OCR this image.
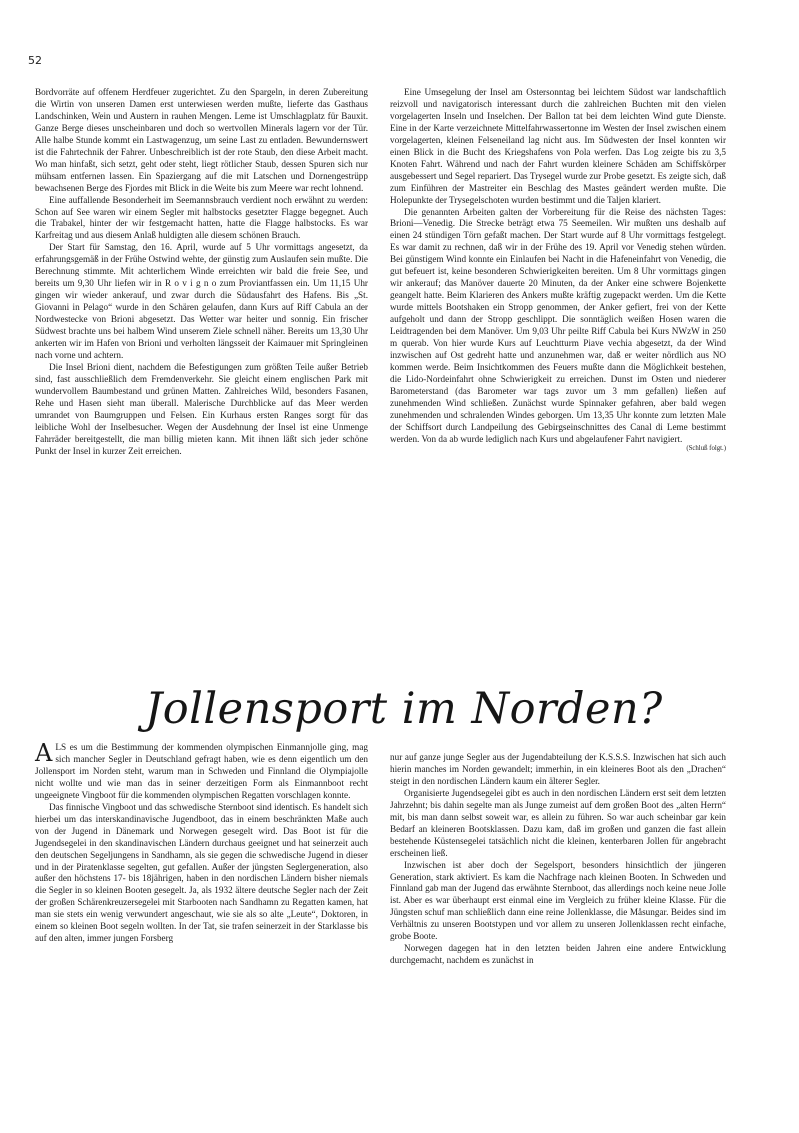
52

Bordvorräte auf offenem Herdfeuer zugerichtet. Zu den Spargeln, in deren Zubereitung die Wirtin von unseren Damen erst unterwiesen werden mußte, lieferte das Gasthaus Landschinken, Wein und Austern in rauhen Mengen. Leme ist Umschlagplatz für Bauxit. Ganze Berge dieses unscheinbaren und doch so wertvollen Minerals lagern vor der Tür. Alle halbe Stunde kommt ein Lastwagenzug, um seine Last zu entladen. Bewundernswert ist die Fahrtechnik der Fahrer. Unbeschreiblich ist der rote Staub, den diese Arbeit macht. Wo man hinfaßt, sich setzt, geht oder steht, liegt rötlicher Staub, dessen Spuren sich nur mühsam entfernen lassen. Ein Spaziergang auf die mit Latschen und Dornengestrüpp bewachsenen Berge des Fjordes mit Blick in die Weite bis zum Meere war recht lohnend.

Eine auffallende Besonderheit im Seemannsbrauch verdient noch erwähnt zu werden: Schon auf See waren wir einem Segler mit halbstocks gesetzter Flagge begegnet. Auch die Trabakel, hinter der wir festgemacht hatten, hatte die Flagge halbstocks. Es war Karfreitag und aus diesem Anlaß huldigten alle diesem schönen Brauch.

Der Start für Samstag, den 16. April, wurde auf 5 Uhr vormittags angesetzt, da erfahrungsgemäß in der Frühe Ostwind wehte, der günstig zum Auslaufen sein mußte. Die Berechnung stimmte. Mit achterlichem Winde erreichten wir bald die freie See, und bereits um 9,30 Uhr liefen wir in R o v i g n o zum Proviantfassen ein. Um 11,15 Uhr gingen wir wieder ankerauf, und zwar durch die Südausfahrt des Hafens. Bis „St. Giovanni in Pelago“ wurde in den Schären gelaufen, dann Kurs auf Riff Cabula an der Nordwestecke von Brioni abgesetzt. Das Wetter war heiter und sonnig. Ein frischer Südwest brachte uns bei halbem Wind unserem Ziele schnell näher. Bereits um 13,30 Uhr ankerten wir im Hafen von Brioni und verholten längsseit der Kaimauer mit Springleinen nach vorne und achtern.

Die Insel Brioni dient, nachdem die Befestigungen zum größten Teile außer Betrieb sind, fast ausschließlich dem Fremdenverkehr. Sie gleicht einem englischen Park mit wundervollem Baumbestand und grünen Matten. Zahlreiches Wild, besonders Fasanen, Rehe und Hasen sieht man überall. Malerische Durchblicke auf das Meer werden umrandet von Baumgruppen und Felsen. Ein Kurhaus ersten Ranges sorgt für das leibliche Wohl der Inselbesucher. Wegen der Ausdehnung der Insel ist eine Unmenge Fahrräder bereitgestellt, die man billig mieten kann. Mit ihnen läßt sich jeder schöne Punkt der Insel in kurzer Zeit erreichen.

Eine Umsegelung der Insel am Ostersonntag bei leichtem Südost war landschaftlich reizvoll und navigatorisch interessant durch die zahlreichen Buchten mit den vielen vorgelagerten Inseln und Inselchen. Der Ballon tat bei dem leichten Wind gute Dienste. Eine in der Karte verzeichnete Mittelfahrwassertonne im Westen der Insel zwischen einem vorgelagerten, kleinen Felseneiland lag nicht aus. Im Südwesten der Insel konnten wir einen Blick in die Bucht des Kriegshafens von Pola werfen. Das Log zeigte bis zu 3,5 Knoten Fahrt. Während und nach der Fahrt wurden kleinere Schäden am Schiffskörper ausgebessert und Segel repariert. Das Trysegel wurde zur Probe gesetzt. Es zeigte sich, daß zum Einführen der Mastreiter ein Beschlag des Mastes geändert werden mußte. Die Holepunkte der Trysegelschoten wurden bestimmt und die Taljen klariert.

Die genannten Arbeiten galten der Vorbereitung für die Reise des nächsten Tages: Brioni—Venedig. Die Strecke beträgt etwa 75 Seemeilen. Wir mußten uns deshalb auf einen 24 stündigen Törn gefaßt machen. Der Start wurde auf 8 Uhr vormittags festgelegt. Es war damit zu rechnen, daß wir in der Frühe des 19. April vor Venedig stehen würden. Bei günstigem Wind konnte ein Einlaufen bei Nacht in die Hafeneinfahrt von Venedig, die gut befeuert ist, keine besonderen Schwierigkeiten bereiten. Um 8 Uhr vormittags gingen wir ankerauf; das Manöver dauerte 20 Minuten, da der Anker eine schwere Bojenkette geangelt hatte. Beim Klarieren des Ankers mußte kräftig zugepackt werden. Um die Kette wurde mittels Bootshaken ein Stropp genommen, der Anker gefiert, frei von der Kette aufgeholt und dann der Stropp geschlippt. Die sonntäglich weißen Hosen waren die Leidtragenden bei dem Manöver. Um 9,03 Uhr peilte Riff Cabula bei Kurs NWzW in 250 m querab. Von hier wurde Kurs auf Leuchtturm Piave vechia abgesetzt, da der Wind inzwischen auf Ost gedreht hatte und anzunehmen war, daß er weiter nördlich aus NO kommen werde. Beim Insichtkommen des Feuers mußte dann die Möglichkeit bestehen, die Lido-Nordeinfahrt ohne Schwierigkeit zu erreichen. Dunst im Osten und niederer Barometerstand (das Barometer war tags zuvor um 3 mm gefallen) ließen auf zunehmenden Wind schließen. Zunächst wurde Spinnaker gefahren, aber bald wegen zunehmenden und schralenden Windes geborgen. Um 13,35 Uhr konnte zum letzten Male der Schiffsort durch Landpeilung des Gebirgseinschnittes des Canal di Leme bestimmt werden. Von da ab wurde lediglich nach Kurs und abgelaufener Fahrt navigiert.

(Schluß folgt.)
Jollensport im Norden?

ALS es um die Bestimmung der kommenden olympischen Einmannjolle ging, mag sich mancher Segler in Deutschland gefragt haben, wie es denn eigentlich um den Jollensport im Norden steht, warum man in Schweden und Finnland die Olympiajolle nicht wollte und wie man das in seiner derzeitigen Form als Einmannboot recht ungeeignete Vingboot für die kommenden olympischen Regatten vorschlagen konnte.

Das finnische Vingboot und das schwedische Sternboot sind identisch. Es handelt sich hierbei um das interskandinavische Jugendboot, das in einem beschränkten Maße auch von der Jugend in Dänemark und Norwegen gesegelt wird. Das Boot ist für die Jugendsegelei in den skandinavischen Ländern durchaus geeignet und hat seinerzeit auch den deutschen Segeljungens in Sandhamn, als sie gegen die schwedische Jugend in dieser und in der Piratenklasse segelten, gut gefallen. Außer der jüngsten Seglergeneration, also außer den höchstens 17- bis 18jährigen, haben in den nordischen Ländern bisher niemals die Segler in so kleinen Booten gesegelt. Ja, als 1932 ältere deutsche Segler nach der Zeit der großen Schärenkreuzersegelei mit Starbooten nach Sandhamn zu Regatten kamen, hat man sie stets ein wenig verwundert angeschaut, wie sie als so alte „Leute“, Doktoren, in einem so kleinen Boot segeln wollten. In der Tat, sie trafen seinerzeit in der Starklasse bis auf den alten, immer jungen Forsberg

nur auf ganze junge Segler aus der Jugendabteilung der K.S.S.S. Inzwischen hat sich auch hierin manches im Norden gewandelt; immerhin, in ein kleineres Boot als den „Drachen“ steigt in den nordischen Ländern kaum ein älterer Segler.

Organisierte Jugendsegelei gibt es auch in den nordischen Ländern erst seit dem letzten Jahrzehnt; bis dahin segelte man als Junge zumeist auf dem großen Boot des „alten Herrn“ mit, bis man dann selbst soweit war, es allein zu führen. So war auch scheinbar gar kein Bedarf an kleineren Bootsklassen. Dazu kam, daß im großen und ganzen die fast allein bestehende Küstensegelei tatsächlich nicht die kleinen, kenterbaren Jollen für angebracht erscheinen ließ.

Inzwischen ist aber doch der Segelsport, besonders hinsichtlich der jüngeren Generation, stark aktiviert. Es kam die Nachfrage nach kleinen Booten. In Schweden und Finnland gab man der Jugend das erwähnte Sternboot, das allerdings noch keine neue Jolle ist. Aber es war überhaupt erst einmal eine im Vergleich zu früher kleine Klasse. Für die Jüngsten schuf man schließlich dann eine reine Jollenklasse, die Måsungar. Beides sind im Verhältnis zu unseren Bootstypen und vor allem zu unseren Jollenklassen recht einfache, grobe Boote.

Norwegen dagegen hat in den letzten beiden Jahren eine andere Entwicklung durchgemacht, nachdem es zunächst in
